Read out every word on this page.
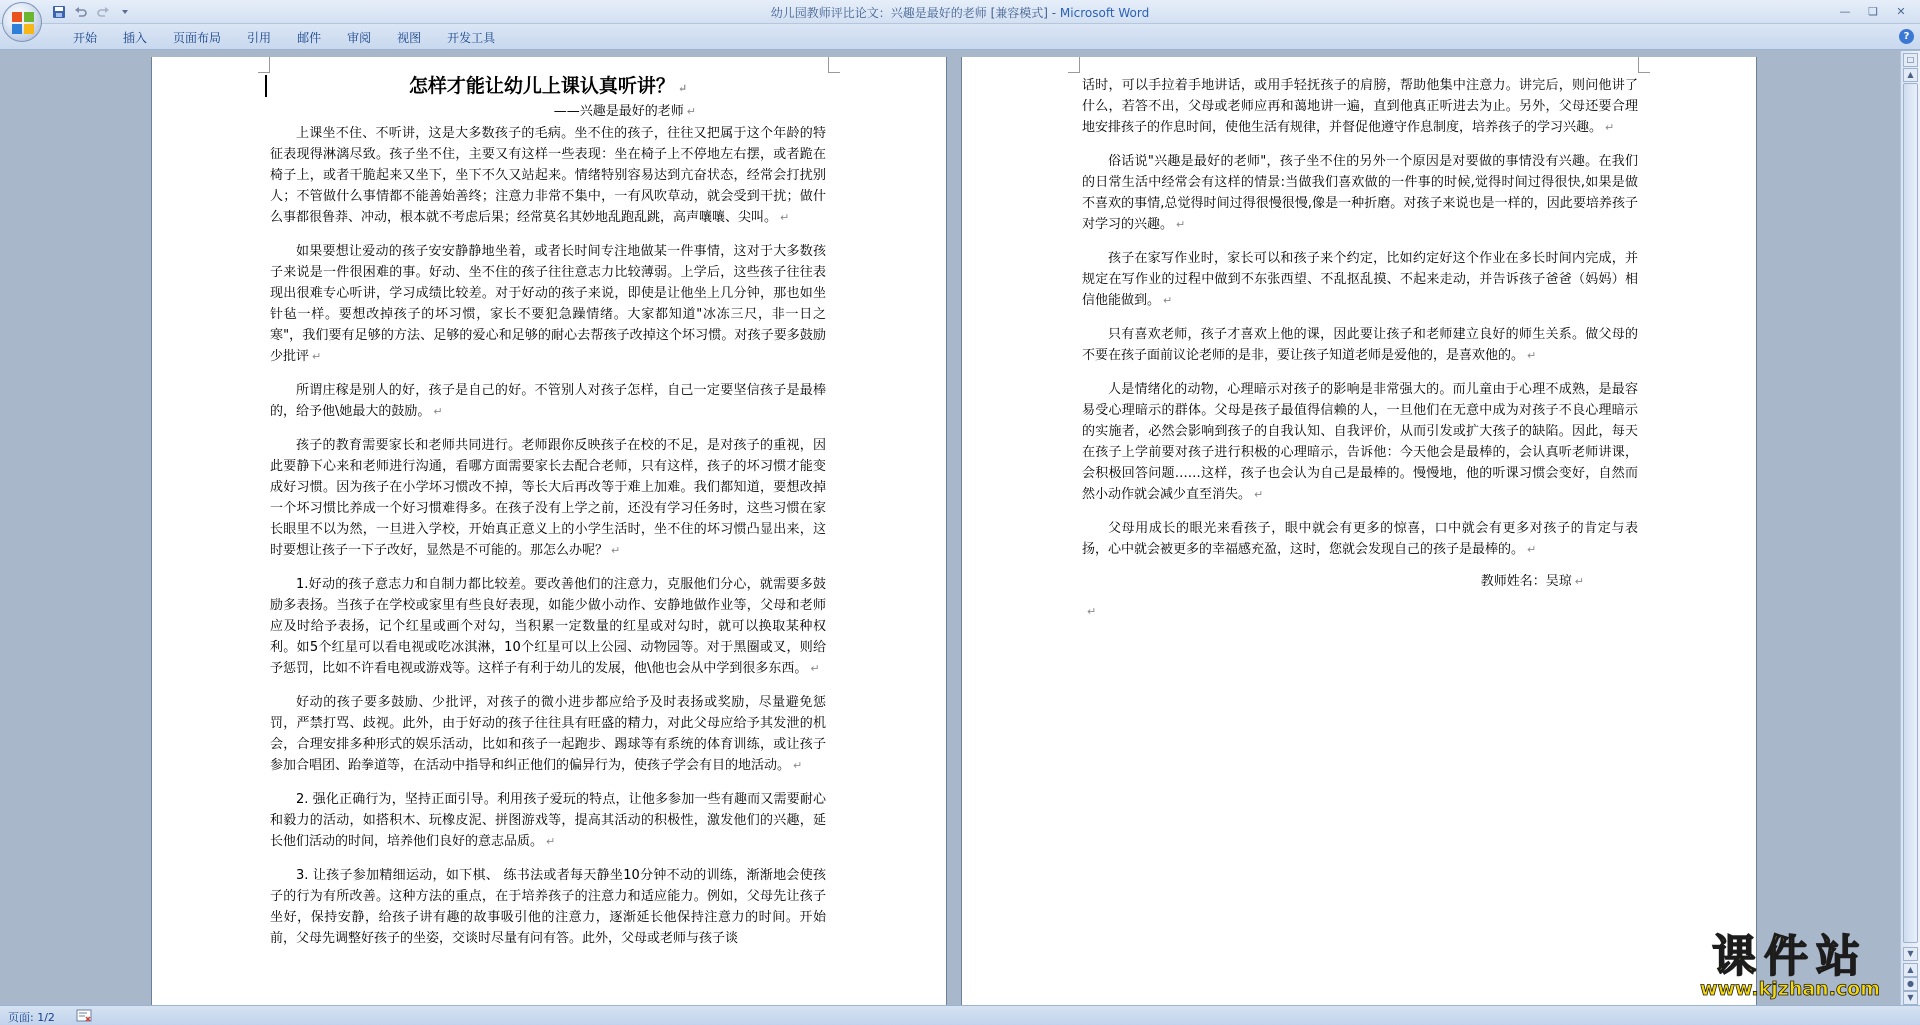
幼儿园教师评比论文：兴趣是最好的老师 [兼容模式] - Microsoft Word	—	❏	✕
开始	插入	页面布局	引用	邮件	审阅	视图	开发工具	?
怎样才能让幼儿上课认真听讲？ ↵
——兴趣是最好的老师 ↵
上课坐不住、不听讲，这是大多数孩子的毛病。坐不住的孩子，往往又把属于这个年龄的特征表现得淋漓尽致。孩子坐不住，主要又有这样一些表现：坐在椅子上不停地左右摆，或者跪在椅子上，或者干脆起来又坐下，坐下不久又站起来。情绪特别容易达到亢奋状态，经常会打扰别人；不管做什么事情都不能善始善终；注意力非常不集中，一有风吹草动，就会受到干扰；做什么事都很鲁莽、冲动，根本就不考虑后果；经常莫名其妙地乱跑乱跳，高声嚷嚷、尖叫。 ↵
如果要想让爱动的孩子安安静静地坐着，或者长时间专注地做某一件事情，这对于大多数孩子来说是一件很困难的事。好动、坐不住的孩子往往意志力比较薄弱。上学后，这些孩子往往表现出很难专心听讲，学习成绩比较差。对于好动的孩子来说，即使是让他坐上几分钟，那也如坐针毡一样。要想改掉孩子的坏习惯，家长不要犯急躁情绪。大家都知道"冰冻三尺，非一日之寒"，我们要有足够的方法、足够的爱心和足够的耐心去帮孩子改掉这个坏习惯。对孩子要多鼓励少批评 ↵
所谓庄稼是别人的好，孩子是自己的好。不管别人对孩子怎样，自己一定要坚信孩子是最棒的，给予他\她最大的鼓励。 ↵
孩子的教育需要家长和老师共同进行。老师跟你反映孩子在校的不足，是对孩子的重视，因此要静下心来和老师进行沟通，看哪方面需要家长去配合老师，只有这样，孩子的坏习惯才能变成好习惯。因为孩子在小学坏习惯改不掉，等长大后再改等于难上加难。我们都知道，要想改掉一个坏习惯比养成一个好习惯难得多。在孩子没有上学之前，还没有学习任务时，这些习惯在家长眼里不以为然，一旦进入学校，开始真正意义上的小学生活时，坐不住的坏习惯凸显出来，这时要想让孩子一下子改好，显然是不可能的。那怎么办呢？ ↵
1.好动的孩子意志力和自制力都比较差。要改善他们的注意力，克服他们分心，就需要多鼓励多表扬。当孩子在学校或家里有些良好表现，如能少做小动作、安静地做作业等，父母和老师应及时给予表扬，记个红星或画个对勾，当积累一定数量的红星或对勾时，就可以换取某种权利。如5个红星可以看电视或吃冰淇淋，10个红星可以上公园、动物园等。对于黑圈或叉，则给予惩罚，比如不许看电视或游戏等。这样子有利于幼儿的发展，他\他也会从中学到很多东西。 ↵
好动的孩子要多鼓励、少批评，对孩子的微小进步都应给予及时表扬或奖励，尽量避免惩罚，严禁打骂、歧视。此外，由于好动的孩子往往具有旺盛的精力，对此父母应给予其发泄的机会，合理安排多种形式的娱乐活动，比如和孩子一起跑步、踢球等有系统的体育训练，或让孩子参加合唱团、跆拳道等，在活动中指导和纠正他们的偏异行为，使孩子学会有目的地活动。 ↵
2. 强化正确行为，坚持正面引导。利用孩子爱玩的特点，让他多参加一些有趣而又需要耐心和毅力的活动，如搭积木、玩橡皮泥、拼图游戏等，提高其活动的积极性，激发他们的兴趣，延长他们活动的时间，培养他们良好的意志品质。 ↵
3. 让孩子参加精细运动，如下棋、 练书法或者每天静坐10分钟不动的训练，渐渐地会使孩子的行为有所改善。这种方法的重点，在于培养孩子的注意力和适应能力。例如，父母先让孩子坐好，保持安静，给孩子讲有趣的故事吸引他的注意力，逐渐延长他保持注意力的时间。开始前，父母先调整好孩子的坐姿，交谈时尽量有问有答。此外，父母或老师与孩子谈
话时，可以手拉着手地讲话，或用手轻抚孩子的肩膀，帮助他集中注意力。讲完后，则问他讲了什么，若答不出，父母或老师应再和蔼地讲一遍，直到他真正听进去为止。另外，父母还要合理地安排孩子的作息时间，使他生活有规律，并督促他遵守作息制度，培养孩子的学习兴趣。 ↵
俗话说"兴趣是最好的老师"，孩子坐不住的另外一个原因是对要做的事情没有兴趣。在我们的日常生活中经常会有这样的情景:当做我们喜欢做的一件事的时候,觉得时间过得很快,如果是做不喜欢的事情,总觉得时间过得很慢很慢,像是一种折磨。对孩子来说也是一样的，因此要培养孩子对学习的兴趣。 ↵
孩子在家写作业时，家长可以和孩子来个约定，比如约定好这个作业在多长时间内完成，并规定在写作业的过程中做到不东张西望、不乱抠乱摸、不起来走动，并告诉孩子爸爸（妈妈）相信他能做到。 ↵
只有喜欢老师，孩子才喜欢上他的课，因此要让孩子和老师建立良好的师生关系。做父母的不要在孩子面前议论老师的是非，要让孩子知道老师是爱他的，是喜欢他的。 ↵
人是情绪化的动物，心理暗示对孩子的影响是非常强大的。而儿童由于心理不成熟，是最容易受心理暗示的群体。父母是孩子最值得信赖的人，一旦他们在无意中成为对孩子不良心理暗示的实施者，必然会影响到孩子的自我认知、自我评价，从而引发或扩大孩子的缺陷。因此，每天在孩子上学前要对孩子进行积极的心理暗示，告诉他：今天他会是最棒的，会认真听老师讲课，会积极回答问题……这样，孩子也会认为自己是最棒的。慢慢地，他的听课习惯会变好，自然而然小动作就会减少直至消失。 ↵
父母用成长的眼光来看孩子，眼中就会有更多的惊喜，口中就会有更多对孩子的肯定与表扬，心中就会被更多的幸福感充盈，这时，您就会发现自己的孩子是最棒的。 ↵
教师姓名：吴琼 ↵
↵
□
▲
▼
▲
●
▼
页面: 1/2
课件站
www.kjzhan.com
